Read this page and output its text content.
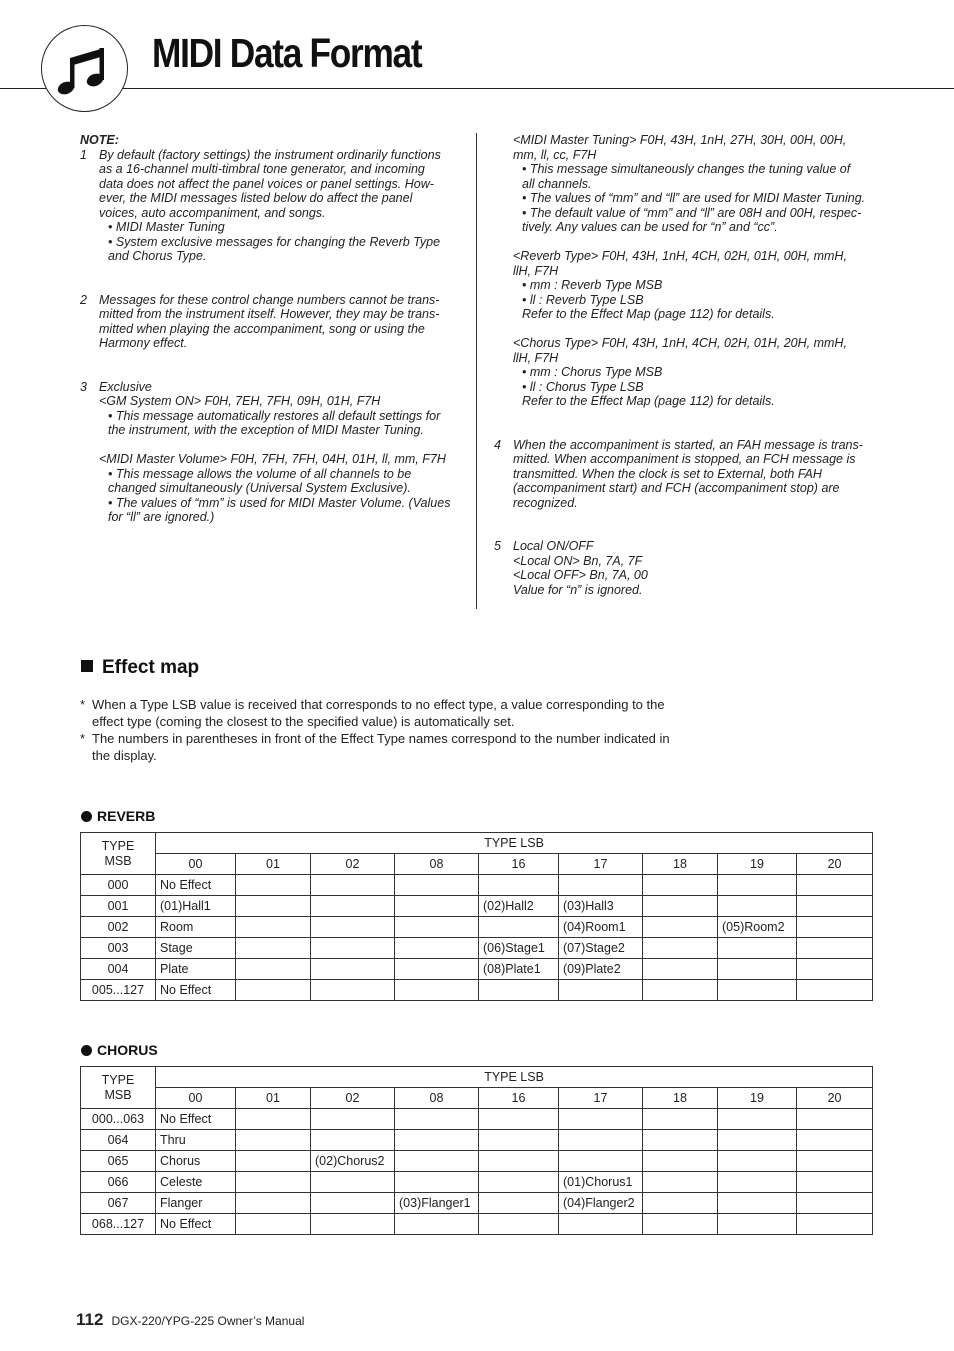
MIDI Data Format

NOTE:

1 By default (factory settings) the instrument ordinarily functions

as a 16-channel multi-timbral tone generator, and incoming

data does not affect the panel voices or panel settings. How-

ever, the MIDI messages listed below do affect the panel

voices, auto accompaniment, and songs.

• MIDI Master Tuning
• System exclusive messages for changing the Reverb Type
and Chorus Type.
2 Messages for these control change numbers cannot be trans-

mitted from the instrument itself. However, they may be trans-

mitted when playing the accompaniment, song or using the

Harmony effect.

3 Exclusive

<GM System ON> F0H, 7EH, 7FH, 09H, 01H, F7H

• This message automatically restores all default settings for
the instrument, with the exception of MIDI Master Tuning.

<MIDI Master Volume> F0H, 7FH, 7FH, 04H, 01H, ll, mm, F7H

• This message allows the volume of all channels to be
changed simultaneously (Universal System Exclusive).
• The values of “mm” is used for MIDI Master Volume. (Values
for “ll” are ignored.)

<MIDI Master Tuning> F0H, 43H, 1nH, 27H, 30H, 00H, 00H,

mm, ll, cc, F7H

• This message simultaneously changes the tuning value of
all channels.
• The values of “mm” and “ll” are used for MIDI Master Tuning.
• The default value of “mm” and “ll” are 08H and 00H, respec-
tively. Any values can be used for “n” and “cc”.

<Reverb Type> F0H, 43H, 1nH, 4CH, 02H, 01H, 00H, mmH,

llH, F7H

• mm : Reverb Type MSB
• ll : Reverb Type LSB

Refer to the Effect Map (page 112) for details.

<Chorus Type> F0H, 43H, 1nH, 4CH, 02H, 01H, 20H, mmH,

llH, F7H

• mm : Chorus Type MSB
• ll : Chorus Type LSB

Refer to the Effect Map (page 112) for details.

4 When the accompaniment is started, an FAH message is trans-

mitted. When accompaniment is stopped, an FCH message is

transmitted. When the clock is set to External, both FAH

(accompaniment start) and FCH (accompaniment stop) are

recognized.

5 Local ON/OFF

<Local ON> Bn, 7A, 7F

<Local OFF> Bn, 7A, 00

Value for “n” is ignored.

Effect map
* When a Type LSB value is received that corresponds to no effect type, a value corresponding to the
effect type (coming the closest to the specified value) is automatically set.
* The numbers in parentheses in front of the Effect Type names correspond to the number indicated in
the display.
REVERB
TYPE
MSB	TYPE LSB								
	00	01	02	08	16	17	18	19	20
000	No Effect								
001	(01)Hall1				(02)Hall2	(03)Hall3			
002	Room					(04)Room1		(05)Room2	
003	Stage				(06)Stage1	(07)Stage2			
004	Plate				(08)Plate1	(09)Plate2			
005...127	No Effect								
CHORUS
TYPE
MSB	TYPE LSB								
	00	01	02	08	16	17	18	19	20
000...063	No Effect								
064	Thru								
065	Chorus		(02)Chorus2						
066	Celeste					(01)Chorus1			
067	Flanger			(03)Flanger1		(04)Flanger2			
068...127	No Effect								
112 DGX-220/YPG-225 Owner’s Manual
